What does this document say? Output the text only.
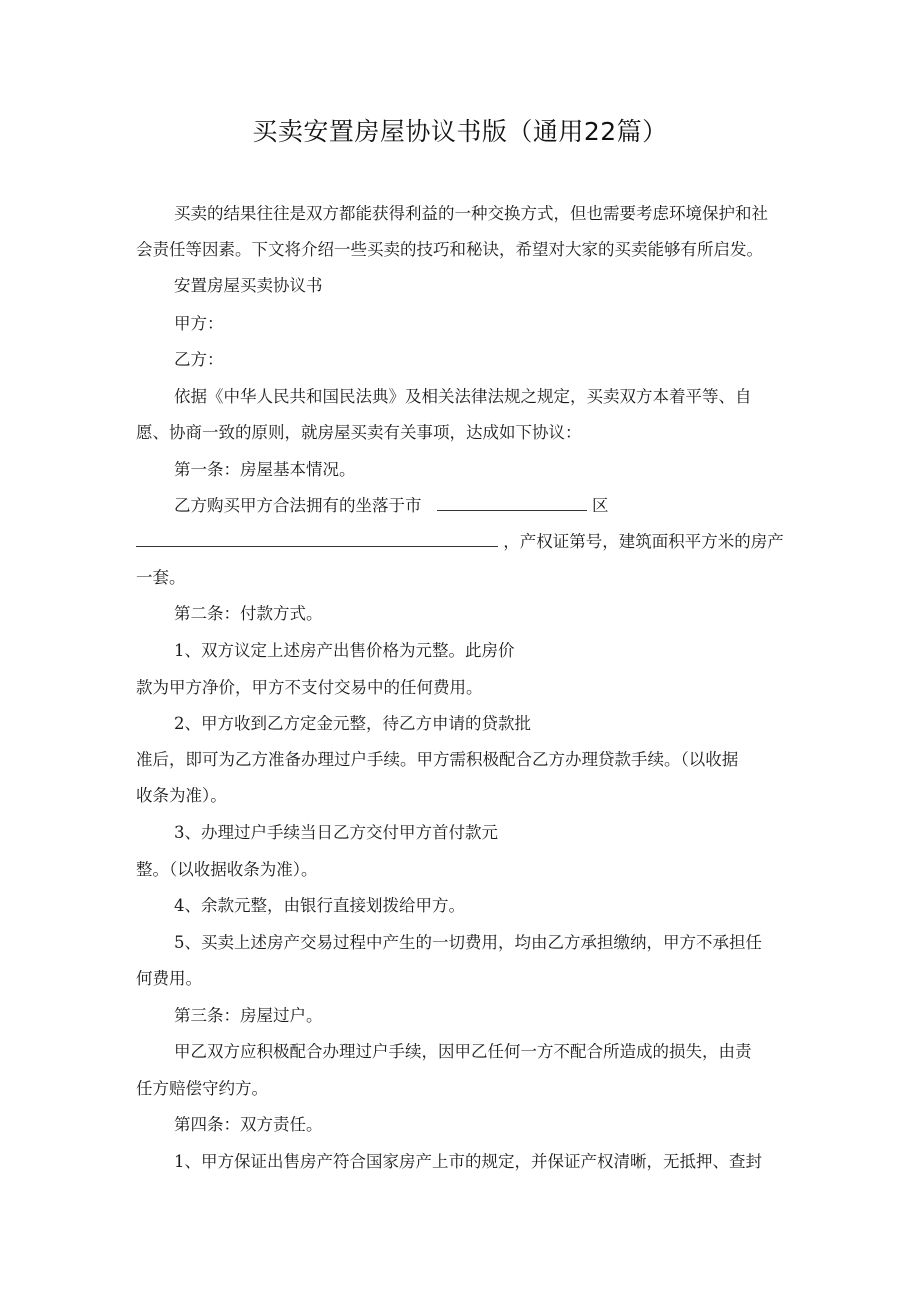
买卖安置房屋协议书版（通用22篇）
买卖的结果往往是双方都能获得利益的一种交换方式，但也需要考虑环境保护和社
会责任等因素。下文将介绍一些买卖的技巧和秘诀，希望对大家的买卖能够有所启发。
安置房屋买卖协议书
甲方：
乙方：
依据《中华人民共和国民法典》及相关法律法规之规定，买卖双方本着平等、自
愿、协商一致的原则，就房屋买卖有关事项，达成如下协议：
第一条：房屋基本情况。
乙方购买甲方合法拥有的坐落于市	区
，产权证第号，建筑面积平方米的房产
一套。
第二条：付款方式。
1、双方议定上述房产出售价格为元整。此房价
款为甲方净价，甲方不支付交易中的任何费用。
2、甲方收到乙方定金元整，待乙方申请的贷款批
准后，即可为乙方准备办理过户手续。甲方需积极配合乙方办理贷款手续。（以收据
收条为准）。
3、办理过户手续当日乙方交付甲方首付款元
整。（以收据收条为准）。
4、余款元整，由银行直接划拨给甲方。
5、买卖上述房产交易过程中产生的一切费用，均由乙方承担缴纳，甲方不承担任
何费用。
第三条：房屋过户。
甲乙双方应积极配合办理过户手续，因甲乙任何一方不配合所造成的损失，由责
任方赔偿守约方。
第四条：双方责任。
1、甲方保证出售房产符合国家房产上市的规定，并保证产权清晰，无抵押、查封
